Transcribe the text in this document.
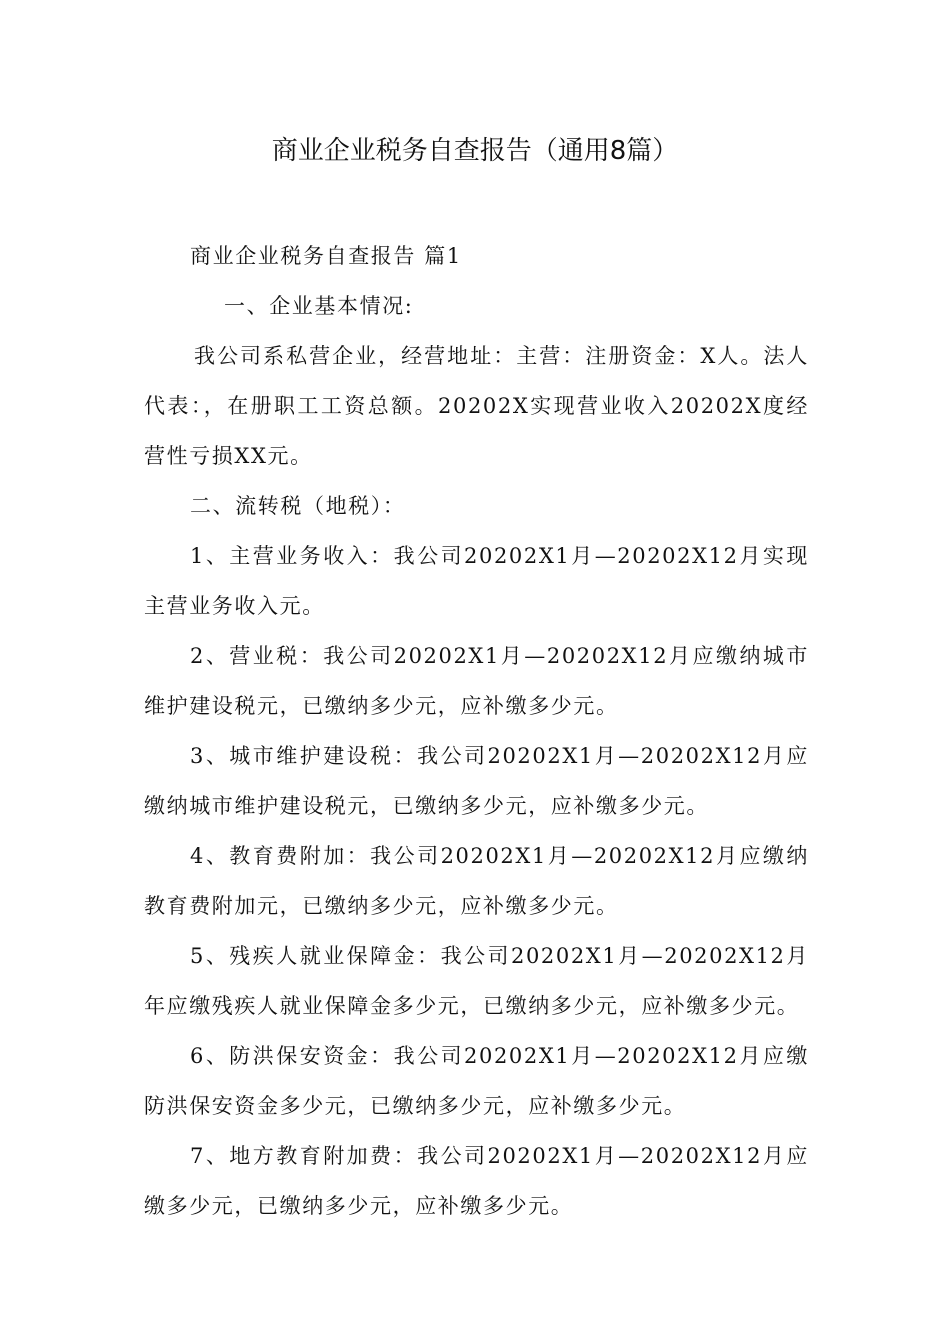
商业企业税务自查报告（通用8篇）

商业企业税务自查报告 篇1

一、企业基本情况:

我公司系私营企业，经营地址：主营：注册资金：X人。法人代表：，在册职工工资总额。20202X实现营业收入20202X度经营性亏损XX元。

二、流转税（地税）：

1、主营业务收入：我公司20202X1月—20202X12月实现主营业务收入元。

2、营业税：我公司20202X1月—20202X12月应缴纳城市维护建设税元，已缴纳多少元，应补缴多少元。

3、城市维护建设税：我公司20202X1月—20202X12月应缴纳城市维护建设税元，已缴纳多少元，应补缴多少元。

4、教育费附加：我公司20202X1月—20202X12月应缴纳教育费附加元，已缴纳多少元，应补缴多少元。

5、残疾人就业保障金：我公司20202X1月—20202X12月年应缴残疾人就业保障金多少元，已缴纳多少元，应补缴多少元。

6、防洪保安资金：我公司20202X1月—20202X12月应缴防洪保安资金多少元，已缴纳多少元，应补缴多少元。

7、地方教育附加费：我公司20202X1月—20202X12月应缴多少元，已缴纳多少元，应补缴多少元。
